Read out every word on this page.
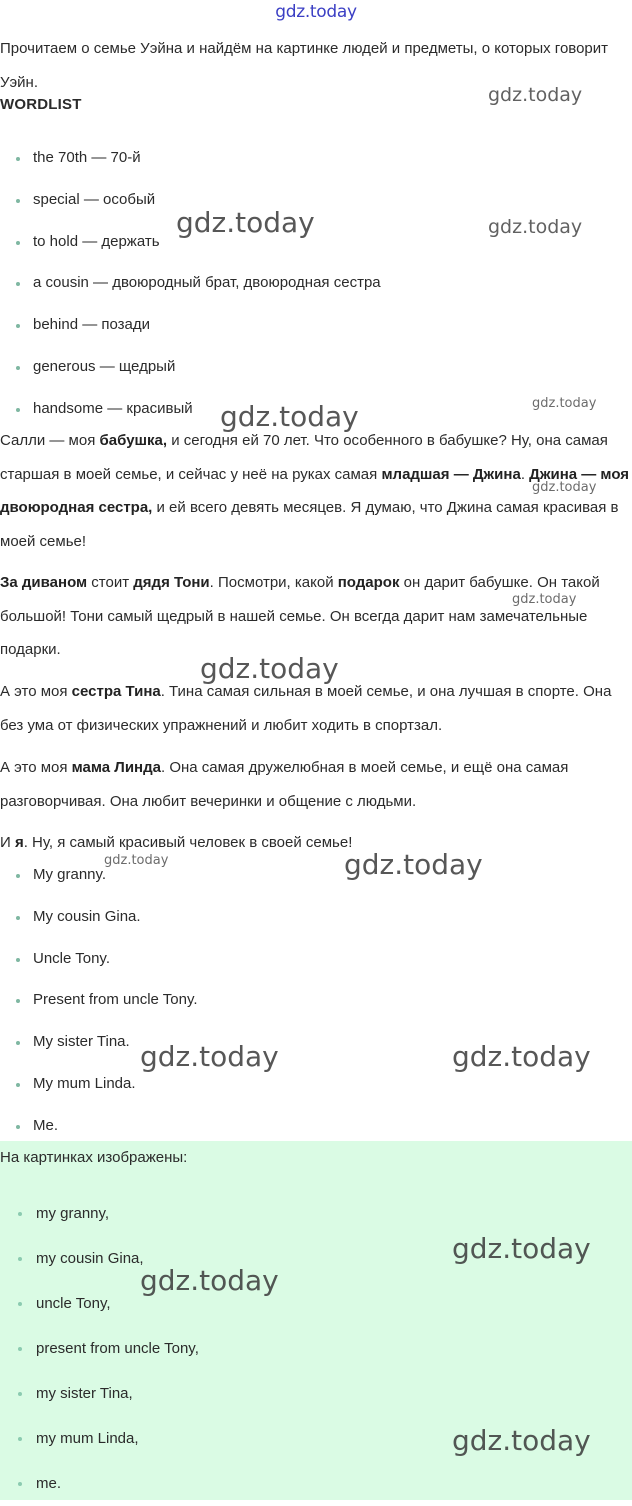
gdz.today

Прочитаем о семье Уэйна и найдём на картинке людей и предметы, о которых говорит Уэйн.

WORDLIST

the 70th — 70-й
special — особый
to hold — держать
a cousin — двоюродный брат, двоюродная сестра
behind — позади
generous — щедрый
handsome — красивый

Салли — моя бабушка, и сегодня ей 70 лет. Что особенного в бабушке? Ну, она самая старшая в моей семье, и сейчас у неё на руках самая младшая — Джина. Джина — моя двоюродная сестра, и ей всего девять месяцев. Я думаю, что Джина самая красивая в моей семье!

За диваном стоит дядя Тони. Посмотри, какой подарок он дарит бабушке. Он такой большой! Тони самый щедрый в нашей семье. Он всегда дарит нам замечательные подарки.

А это моя сестра Тина. Тина самая сильная в моей семье, и она лучшая в спорте. Она без ума от физических упражнений и любит ходить в спортзал.

А это моя мама Линда. Она самая дружелюбная в моей семье, и ещё она самая разговорчивая. Она любит вечеринки и общение с людьми.

И я. Ну, я самый красивый человек в своей семье!

My granny.
My cousin Gina.
Uncle Tony.
Present from uncle Tony.
My sister Tina.
My mum Linda.
Me.

На картинках изображены:

my granny,
my cousin Gina,
uncle Tony,
present from uncle Tony,
my sister Tina,
my mum Linda,
me.
gdz.today
gdz.today	gdz.today
gdz.today	gdz.today
gdz.today
gdz.today
gdz.today
gdz.today	gdz.today
gdz.today	gdz.today
gdz.today
gdz.today
gdz.today
